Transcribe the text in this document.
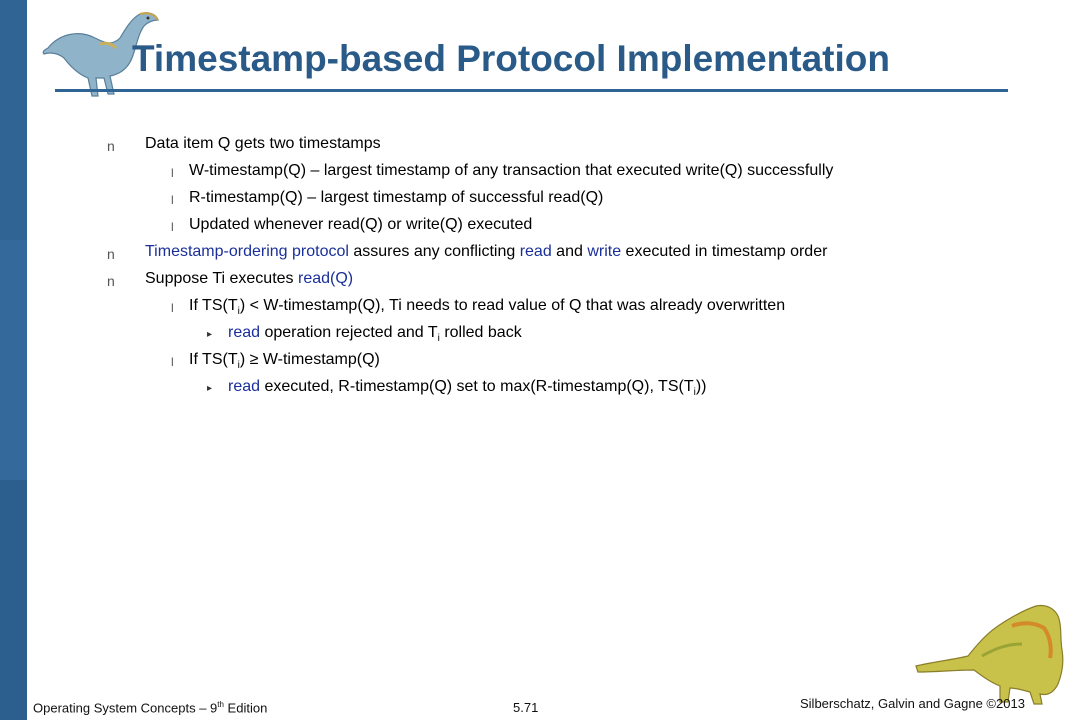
Timestamp-based Protocol Implementation
n Data item Q gets two timestamps
l W-timestamp(Q) – largest timestamp of any transaction that executed write(Q) successfully
l R-timestamp(Q) – largest timestamp of successful read(Q)
l Updated whenever read(Q) or write(Q) executed
n Timestamp-ordering protocol assures any conflicting read and write executed in timestamp order
n Suppose Ti executes read(Q)
l If $TS(T_i)$ < W-timestamp(Q), Ti needs to read value of Q that was already overwritten
▸ read operation rejected and $T_i$ rolled back
l If $TS(T_i)$ ≥ W-timestamp(Q)
▸ read executed, R-timestamp(Q) set to max(R-timestamp(Q), $TS(T_i)$)
Operating System Concepts – 9th Edition	5.71	Silberschatz, Galvin and Gagne ©2013
